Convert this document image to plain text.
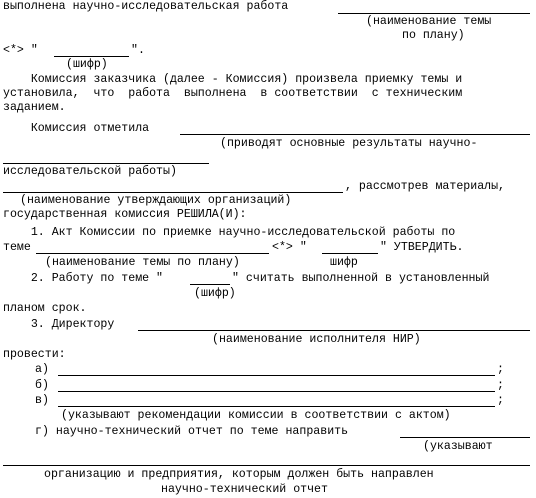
выполнена научно-исследовательская работа
(наименование темы
по плану)
<*> "	".
(шифр)
Комиссия заказчика (далее - Комиссия) произвела приемку темы и
установила,  что  работа  выполнена  в соответствии  с техническим
заданием.
Комиссия отметила
(приводят основные результаты научно-
исследовательской работы)
, рассмотрев материалы,
(наименование утверждающих организаций)
государственная комиссия РЕШИЛА(И):
1. Акт Комиссии по приемке научно-исследовательской работы по
теме	<*> "	" УТВЕРДИТЬ.
(наименование темы по плану)	шифр
2. Работу по теме "	" считать выполненной в установленный
(шифр)
планом срок.
3. Директору
(наименование исполнителя НИР)
провести:
а)	;
б)	;
в)	;
(указывают рекомендации комиссии в соответствии с актом)
г) научно-технический отчет по теме направить
(указывают
организацию и предприятия, которым должен быть направлен
научно-технический отчет
